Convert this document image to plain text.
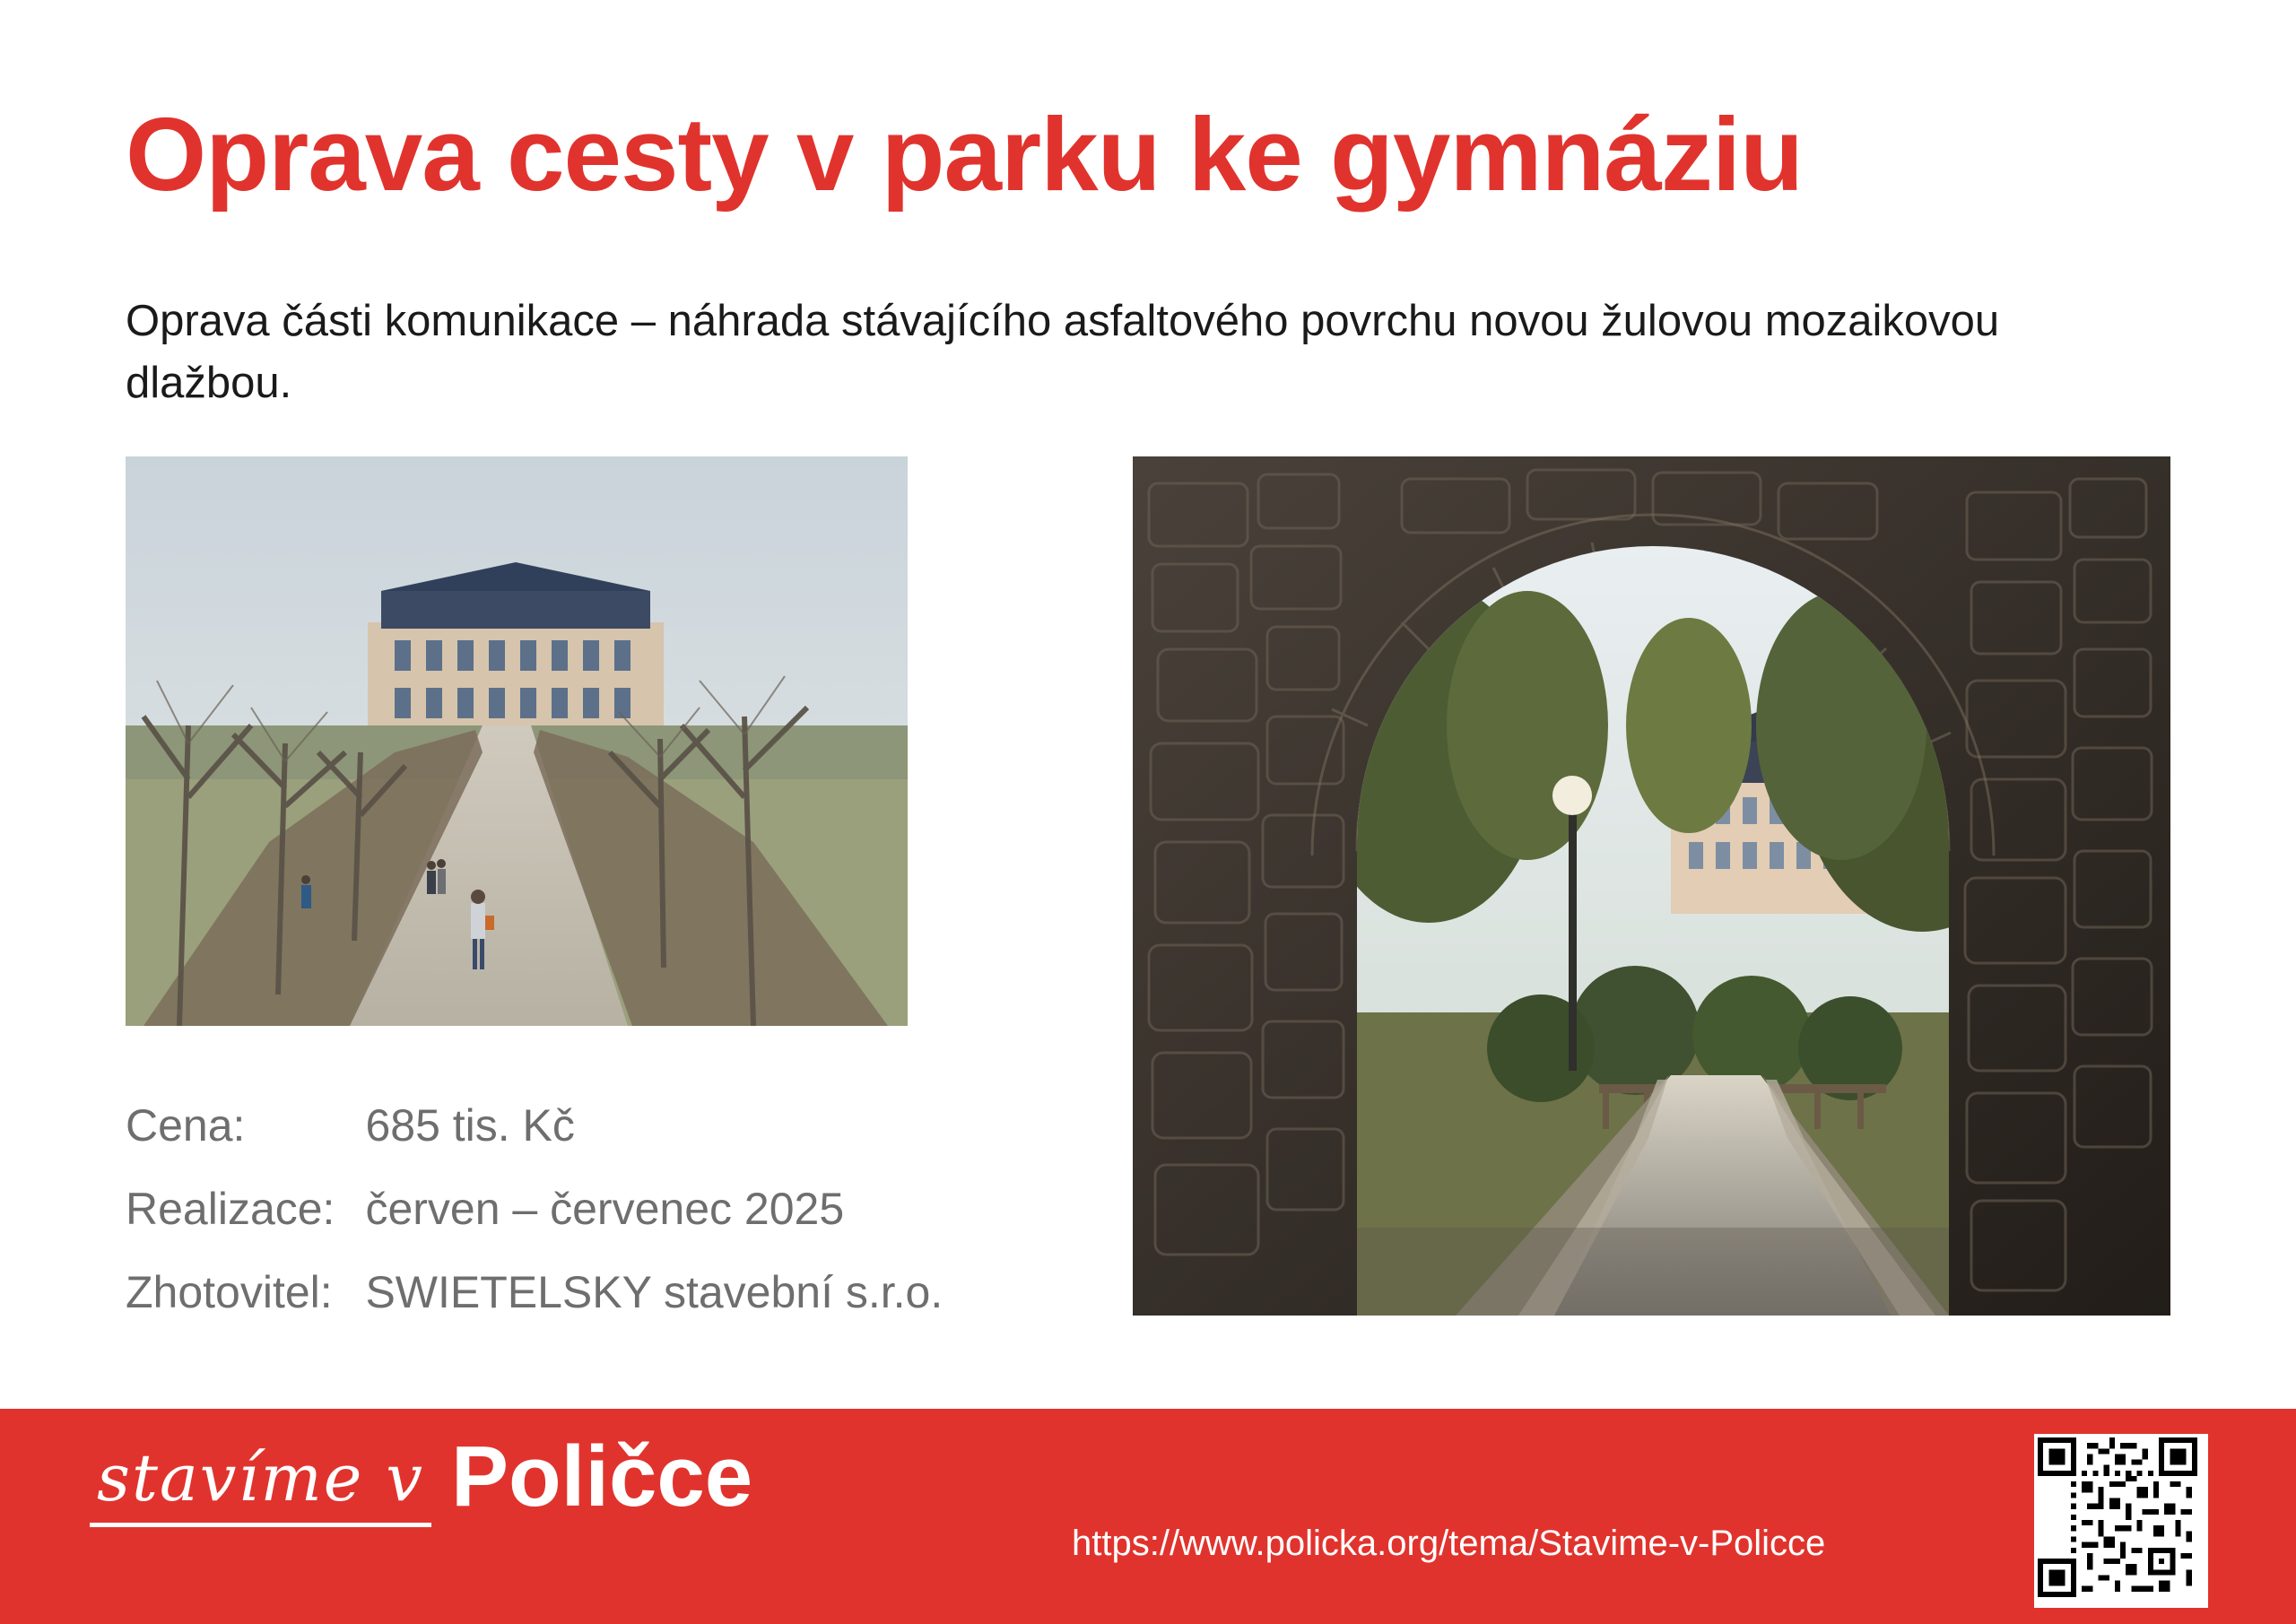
Oprava cesty v parku ke gymnáziu

Oprava části komunikace – náhrada stávajícího asfaltového povrchu novou žulovou mozaikovou dlažbou.

Cena:	685 tis. Kč
Realizace:	červen – červenec 2025
Zhotovitel:	SWIETELSKY stavební s.r.o.
stavíme v Poličce
https://www.policka.org/tema/Stavime-v-Policce
